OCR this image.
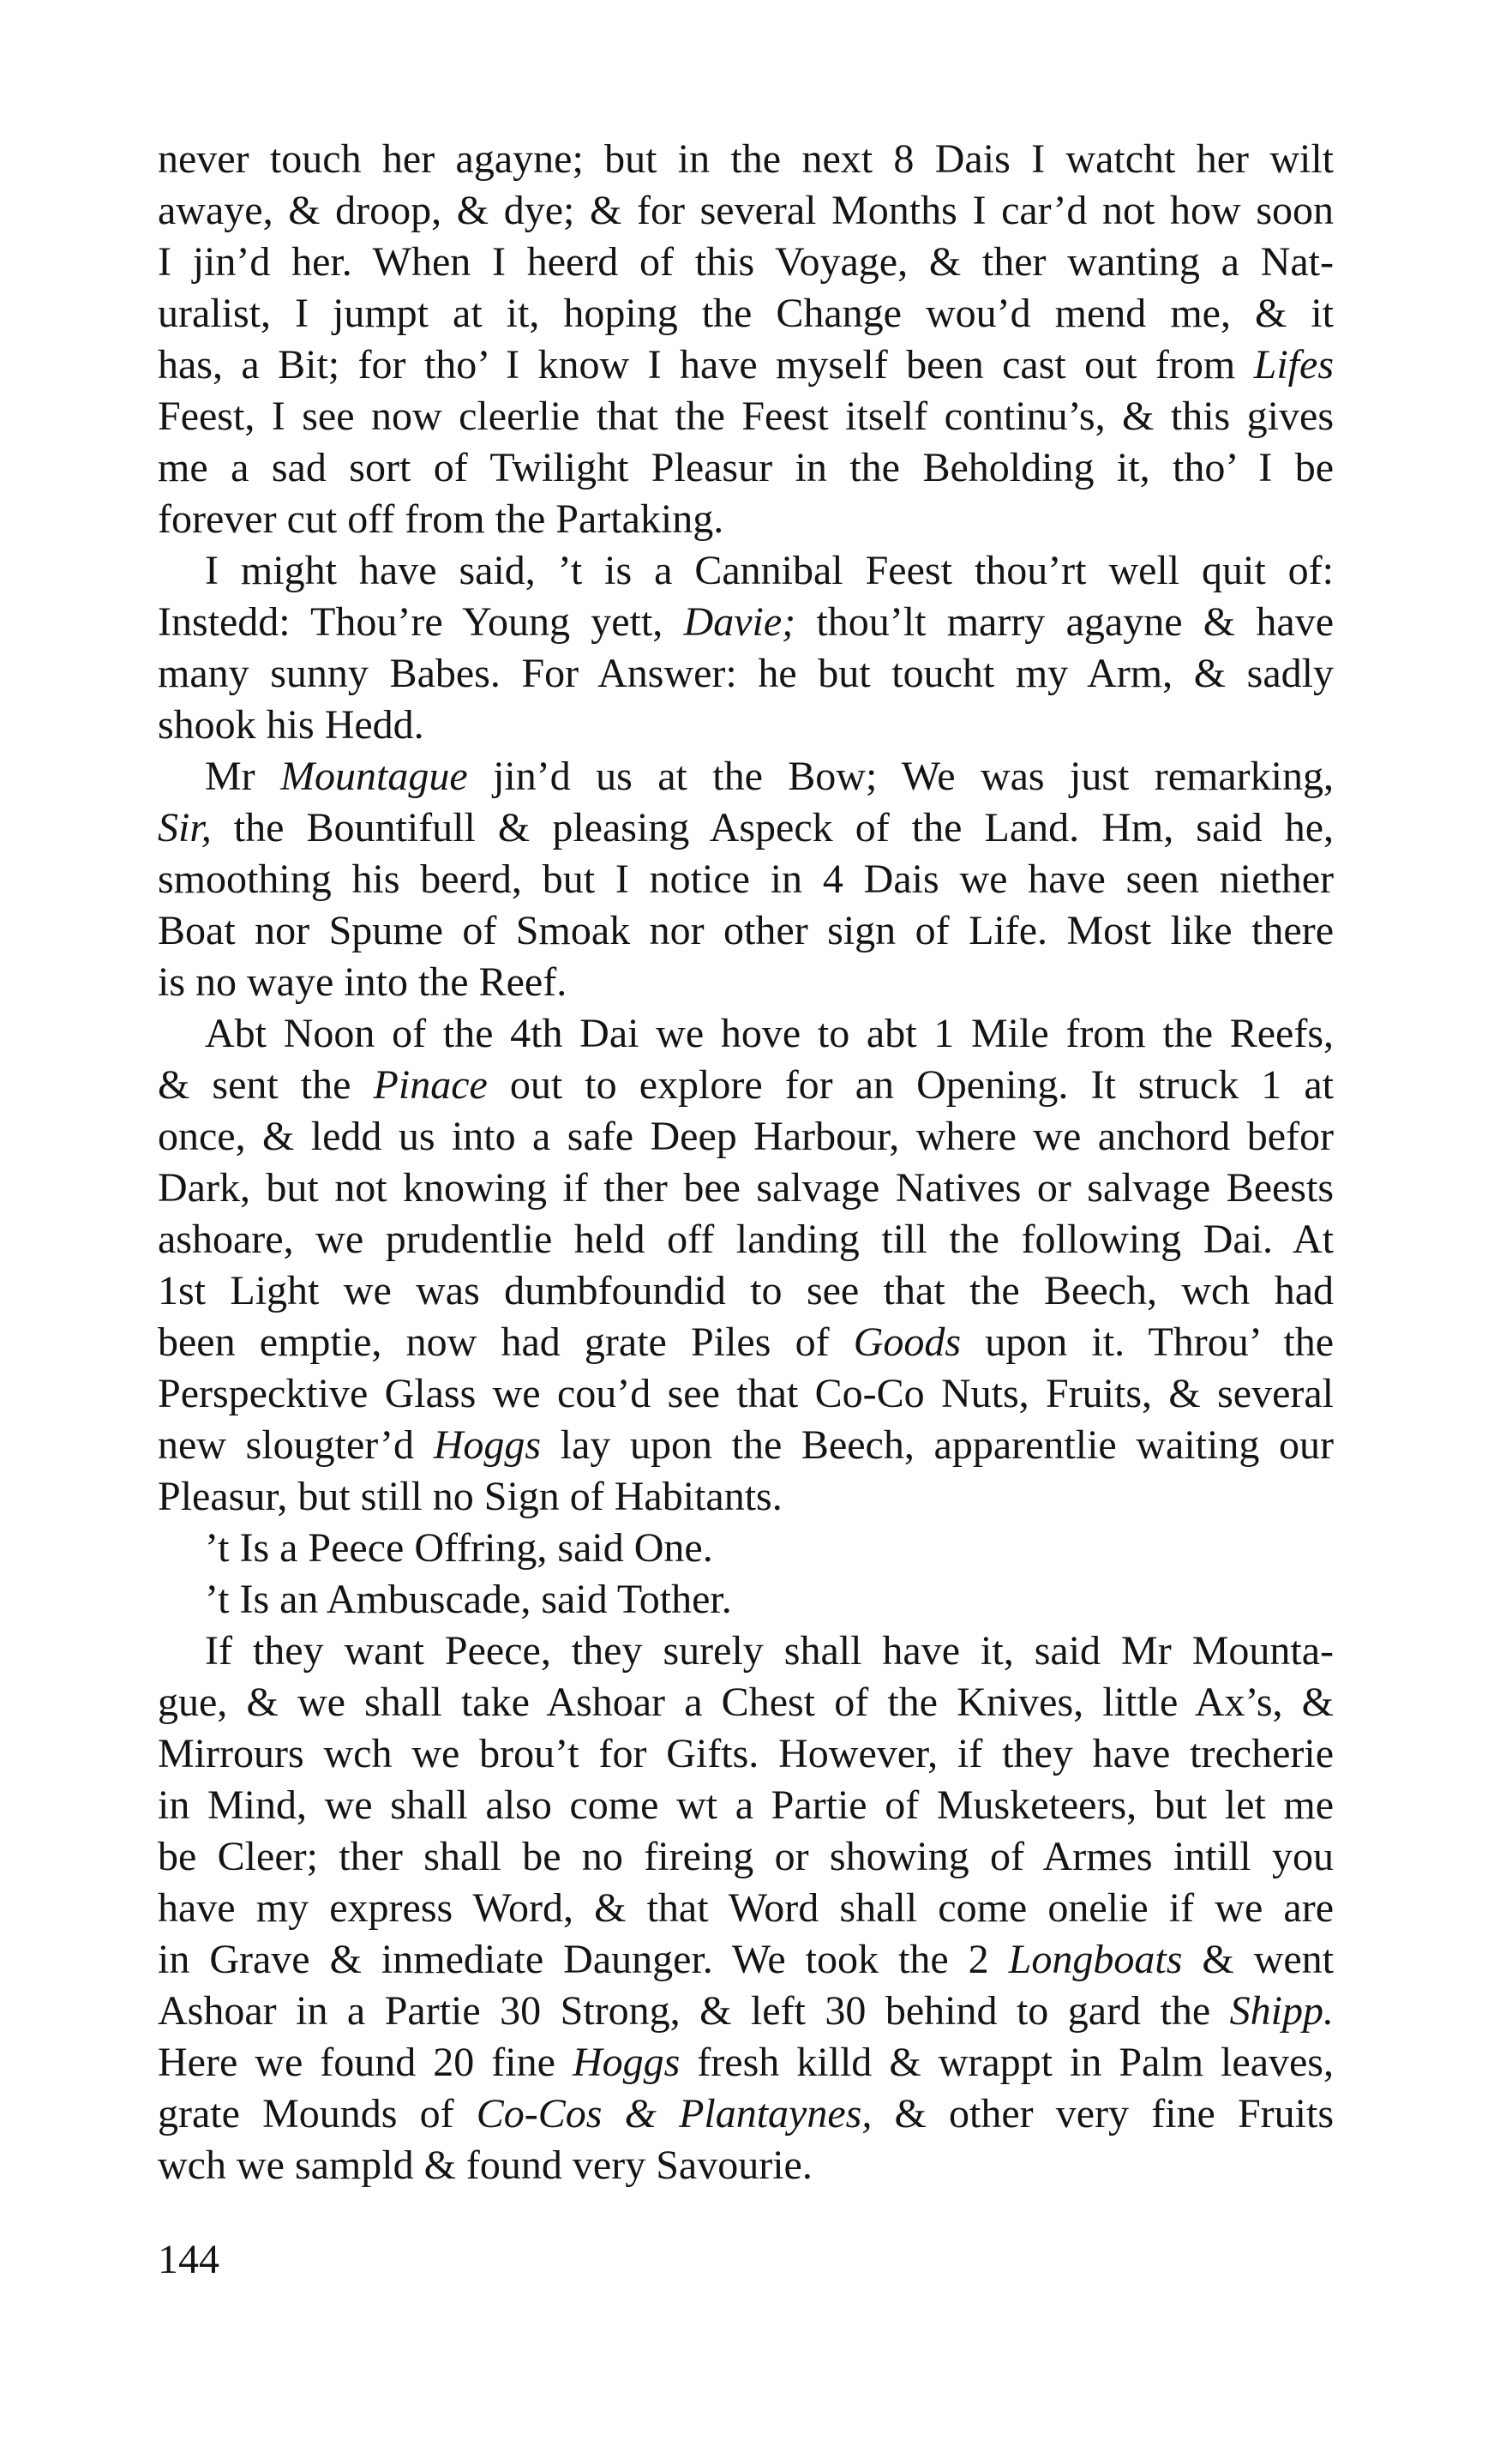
never touch her agayne; but in the next 8 Dais I watcht her wilt
awaye, & droop, & dye; & for several Months I car’d not how soon
I jin’d her. When I heerd of this Voyage, & ther wanting a Nat-
uralist, I jumpt at it, hoping the Change wou’d mend me, & it
has, a Bit; for tho’ I know I have myself been cast out from Lifes
Feest, I see now cleerlie that the Feest itself continu’s, & this gives
me a sad sort of Twilight Pleasur in the Beholding it, tho’ I be
forever cut off from the Partaking.
I might have said, ’t is a Cannibal Feest thou’rt well quit of:
Instedd: Thou’re Young yett, Davie; thou’lt marry agayne & have
many sunny Babes. For Answer: he but toucht my Arm, & sadly
shook his Hedd.
Mr Mountague jin’d us at the Bow; We was just remarking,
Sir, the Bountifull & pleasing Aspeck of the Land. Hm, said he,
smoothing his beerd, but I notice in 4 Dais we have seen niether
Boat nor Spume of Smoak nor other sign of Life. Most like there
is no waye into the Reef.
Abt Noon of the 4th Dai we hove to abt 1 Mile from the Reefs,
& sent the Pinace out to explore for an Opening. It struck 1 at
once, & ledd us into a safe Deep Harbour, where we anchord befor
Dark, but not knowing if ther bee salvage Natives or salvage Beests
ashoare, we prudentlie held off landing till the following Dai. At
1st Light we was dumbfoundid to see that the Beech, wch had
been emptie, now had grate Piles of Goods upon it. Throu’ the
Perspecktive Glass we cou’d see that Co-Co Nuts, Fruits, & several
new slougter’d Hoggs lay upon the Beech, apparentlie waiting our
Pleasur, but still no Sign of Habitants.
’t Is a Peece Offring, said One.
’t Is an Ambuscade, said Tother.
If they want Peece, they surely shall have it, said Mr Mounta-
gue, & we shall take Ashoar a Chest of the Knives, little Ax’s, &
Mirrours wch we brou’t for Gifts. However, if they have trecherie
in Mind, we shall also come wt a Partie of Musketeers, but let me
be Cleer; ther shall be no fireing or showing of Armes intill you
have my express Word, & that Word shall come onelie if we are
in Grave & inmediate Daunger. We took the 2 Longboats & went
Ashoar in a Partie 30 Strong, & left 30 behind to gard the Shipp.
Here we found 20 fine Hoggs fresh killd & wrappt in Palm leaves,
grate Mounds of Co-Cos & Plantaynes, & other very fine Fruits
wch we sampld & found very Savourie.
144
